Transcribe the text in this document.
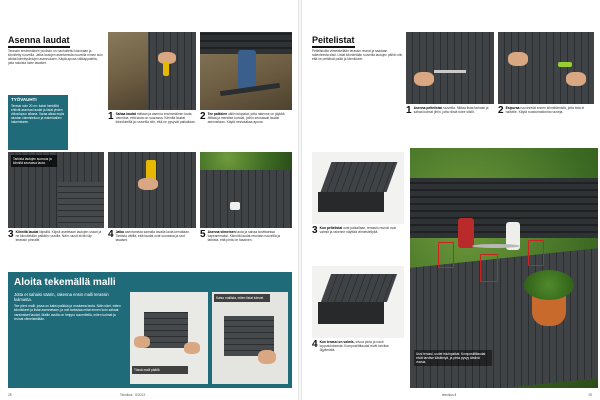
Asenna laudat
Terassin ensimmäinen puolisko on nauhoitettu kokonaan ja kiinnitetty ruuveilla. Jatka lautojen asentamista ruuveilla ennen kuin aloitat kiinnityslistojen asennuksen. Käytä apuna välikappaleita, jotta rakoista tulee tasaiset.
TYÖVAUHTI
Terassi noin 20 m²: kaksi henkilöä ehtivät asentaa laudat ja listat yhden viikonlopun aikana. Varaa aikaa myös alustan valmisteluun ja materiaalien hakemiseen.	1 Sahaa laudat mittaan ja asenna ensimmäinen lauta. Varmista, että lauta on suorassa. Kiinnitä laudat kiinnikkeillä ja ruuveilla niin, että ne pysyvät paikallaan.
2 Tee palkkien väliin tukipalat, jotta rakenne on jäykkä. Mittaa ja merkitse kohdat, joihin seuraavat laudat asennetaan. Käytä vesivaakaa apuna.
Tarkista lautojen suoruus ja kiinnitä seuraava lauta.
3 Kiinnitä laudat klipsillä. Klipsit asetetaan lautojen uraan ja ne kiinnitetään palkkiin ruuvilla. Näin ruuvit eivät näy terassin pinnalle.
4 Jatka asentamista samalla tavalla lauta kerrallaan. Tarkista välillä, että laudat ovat suorassa ja raot tasaiset.
5 Asenna viimeinen lauta ja sahaa tarvittaessa kapeammaksi. Kiinnitä laudat reunaan ruuveilla ja tarkista, että pinta on tasainen.
Aloita tekemällä malli
Jotta et sahaisi väärin, rakenna ensin malli terassin kulmasta.
Tee pieni malli, jossa on kaksi palkkia ja muutama lauta. Näin näet, miten kiinnikkeet ja listat asennetaan, ja voit tarkistaa mitat ennen kuin sahaat varsinaiset laudat. Mallin avulla on helppo suunnitella, miten kulmat ja reunat viimeistellään.
Tässä malli päällä
Katso mallista, miten listat tulevat
28	Teknikus · 6/2013
Peitelistat
Peitelistoilla viimeistellään terassin reunat ja saadaan rakenteesta siisti. Listat kiinnitetään ruuveilla lautojen päihin niin, että ne peittävät palkit ja kiinnikkeet.
1 Asenna peitelistat ruuveilla. Mittaa listat tarkasti ja sahaa kulmat jiiriin, jotta niistä tulee siistit.	2 Esiporaa ruuvinreiät ennen kiinnittämistä, jotta lista ei halkeile. Käytä ruostumattomia ruuveja.
3 Kun peitelistat ovat paikallaan, terassin reunat ovat valmiit ja rakenne näyttää viimeistellyltä.
4 Kun terassi on valmis, siivoa pinta ja nauti lopputuloksesta. Komposiittilaudat eivät tarvitse öljyämistä.
Uusi terassi, uudet istuinpaikat. Komposiittilaudat eivät tarvitse käsittelyä, ja pinta pysyy siistinä vuosia.
teknikus.fi	29
